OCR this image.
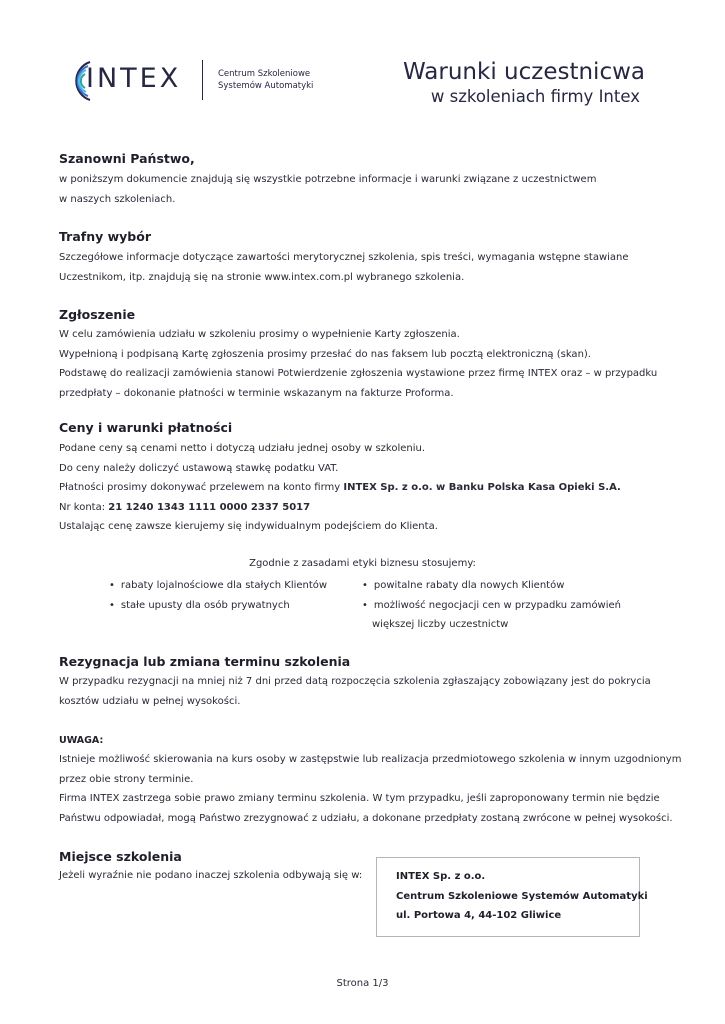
INTEX	Centrum Szkoleniowe
Systemów Automatyki
Warunki uczestnicwa
w szkoleniach firmy Intex
Szanowni Państwo,
w poniższym dokumencie znajdują się wszystkie potrzebne informacje i warunki związane z uczestnictwem
w naszych szkoleniach.
Trafny wybór
Szczegółowe informacje dotyczące zawartości merytorycznej szkolenia, spis treści, wymagania wstępne stawiane
Uczestnikom, itp. znajdują się na stronie www.intex.com.pl wybranego szkolenia.
Zgłoszenie
W celu zamówienia udziału w szkoleniu prosimy o wypełnienie Karty zgłoszenia.
Wypełnioną i podpisaną Kartę zgłoszenia prosimy przesłać do nas faksem lub pocztą elektroniczną (skan).
Podstawę do realizacji zamówienia stanowi Potwierdzenie zgłoszenia wystawione przez firmę INTEX oraz – w przypadku
przedpłaty – dokonanie płatności w terminie wskazanym na fakturze Proforma.
Ceny i warunki płatności
Podane ceny są cenami netto i dotyczą udziału jednej osoby w szkoleniu.
Do ceny należy doliczyć ustawową stawkę podatku VAT.
Płatności prosimy dokonywać przelewem na konto firmy INTEX Sp. z o.o. w Banku Polska Kasa Opieki S.A.
Nr konta: 21 1240 1343 1111 0000 2337 5017
Ustalając cenę zawsze kierujemy się indywidualnym podejściem do Klienta.
Zgodnie z zasadami etyki biznesu stosujemy:
• rabaty lojalnościowe dla stałych Klientów
• stałe upusty dla osób prywatnych
• powitalne rabaty dla nowych Klientów
• możliwość negocjacji cen w przypadku zamówień
większej liczby uczestnictw
Rezygnacja lub zmiana terminu szkolenia
W przypadku rezygnacji na mniej niż 7 dni przed datą rozpoczęcia szkolenia zgłaszający zobowiązany jest do pokrycia
kosztów udziału w pełnej wysokości.
UWAGA:
Istnieje możliwość skierowania na kurs osoby w zastępstwie lub realizacja przedmiotowego szkolenia w innym uzgodnionym
przez obie strony terminie.
Firma INTEX zastrzega sobie prawo zmiany terminu szkolenia. W tym przypadku, jeśli zaproponowany termin nie będzie
Państwu odpowiadał, mogą Państwo zrezygnować z udziału, a dokonane przedpłaty zostaną zwrócone w pełnej wysokości.
Miejsce szkolenia
Jeżeli wyraźnie nie podano inaczej szkolenia odbywają się w:	INTEX Sp. z o.o.
Centrum Szkoleniowe Systemów Automatyki
ul. Portowa 4, 44-102 Gliwice
Strona 1/3
